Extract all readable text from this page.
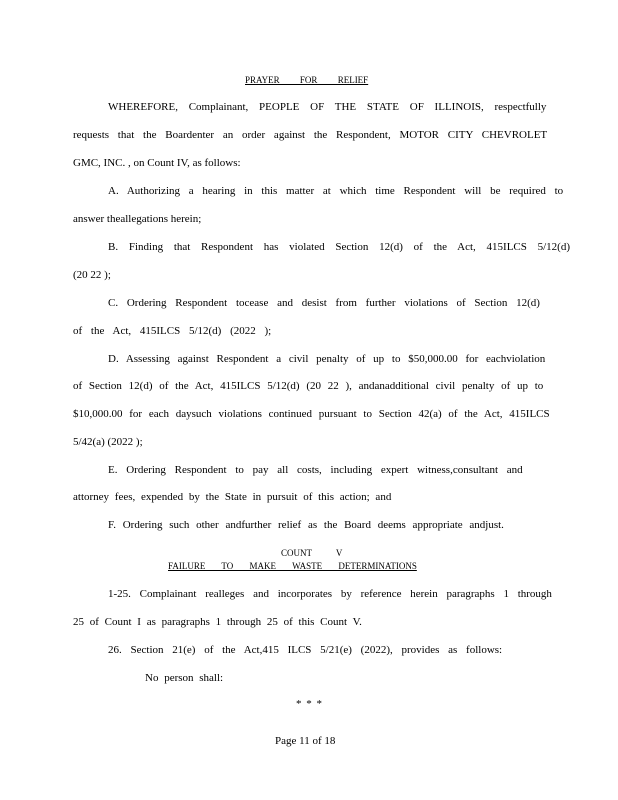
PRAYER FOR RELIEF
WHEREFORE, Complainant, PEOPLE OF THE STATE OF ILLINOIS, respectfully
requests that the Boardenter an order against the Respondent, MOTOR CITY CHEVROLET
GMC, INC. , on Count IV, as follows:
A. Authorizing a hearing in this matter at which time Respondent will be required to
answer theallegations herein;
B. Finding that Respondent has violated Section 12(d) of the Act, 415ILCS 5/12(d)
(20 22 );
C. Ordering Respondent tocease and desist from further violations of Section 12(d)
of the Act, 415ILCS 5/12(d) (2022 );
D. Assessing against Respondent a civil penalty of up to $50,000.00 for eachviolation
of Section 12(d) of the Act, 415ILCS 5/12(d) (20 22 ), andanadditional civil penalty of up to
$10,000.00 for each daysuch violations continued pursuant to Section 42(a) of the Act, 415ILCS
5/42(a) (2022 );
E. Ordering Respondent to pay all costs, including expert witness,consultant and
attorney fees, expended by the State in pursuit of this action; and
F. Ordering such other andfurther relief as the Board deems appropriate andjust.
COUNT V
FAILURE TO MAKE WASTE DETERMINATIONS
1-25. Complainant realleges and incorporates by reference herein paragraphs 1 through
25 of Count I as paragraphs 1 through 25 of this Count V.
26. Section 21(e) of the Act,415 ILCS 5/21(e) (2022), provides as follows:
No person shall:
* * *
Page 11 of 18
